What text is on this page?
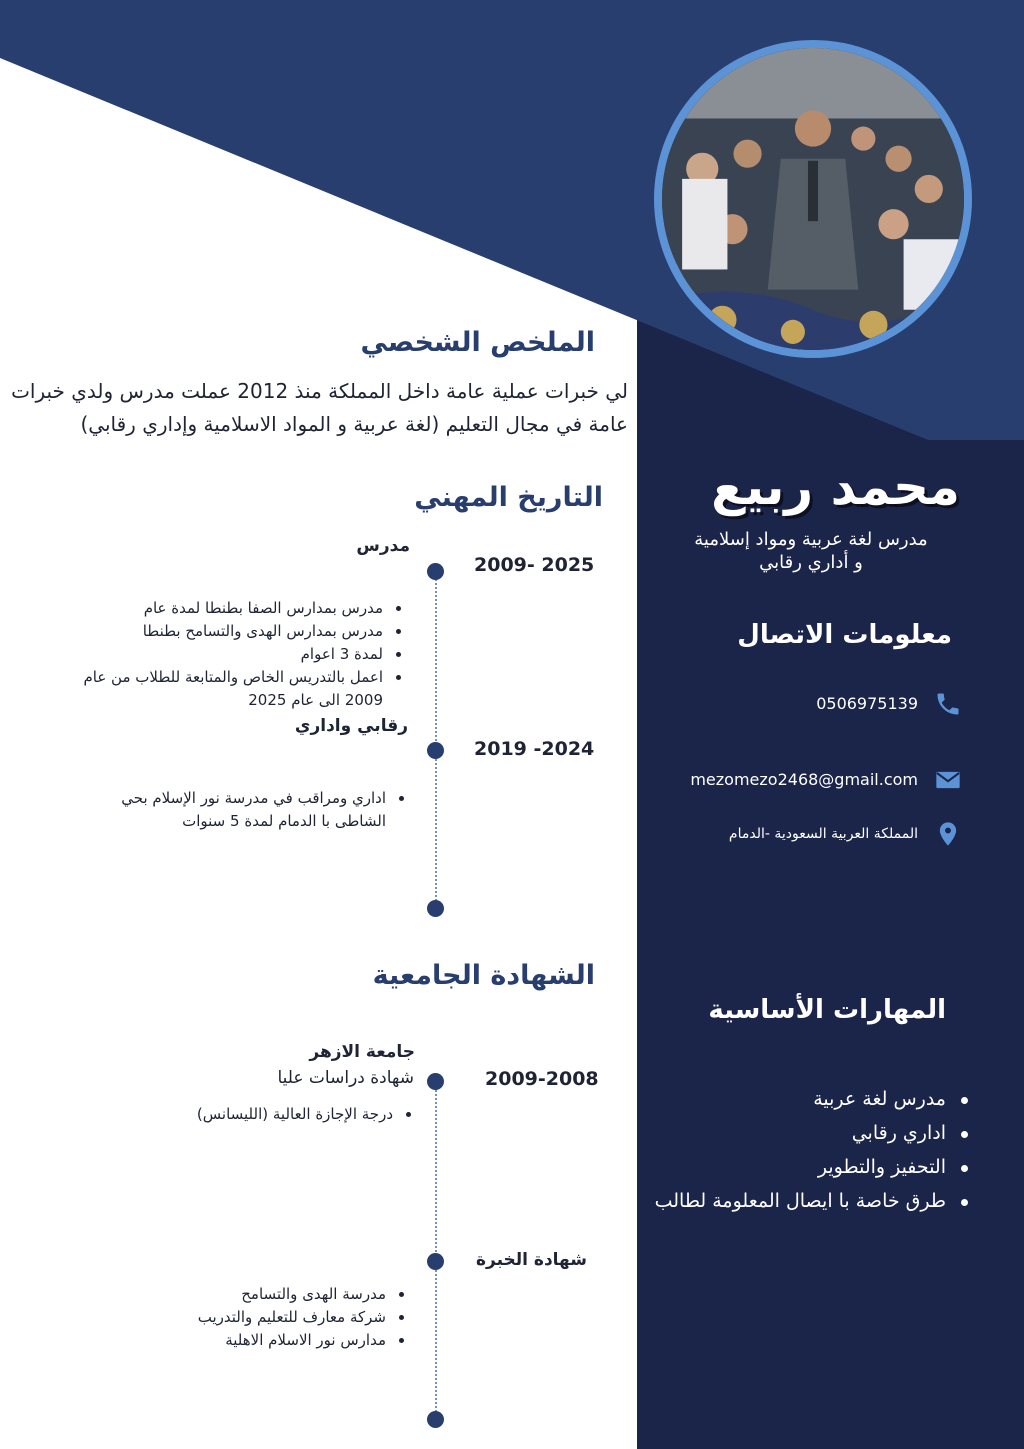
محمد ربيع
مدرس لغة عربية ومواد إسلامية
و أداري رقابي
معلومات الاتصال
0506975139
mezomezo2468@gmail.com
المملكة العربية السعودية -الدمام
المهارات الأساسية
مدرس لغة عربية
اداري رقابي
التحفيز والتطوير
طرق خاصة با ايصال المعلومة لطالب
الملخص الشخصي
لي خبرات عملية عامة داخل المملكة منذ 2012 عملت مدرس ولدي خبرات
عامة في مجال التعليم (لغة عربية و المواد الاسلامية وإداري رقابي)
التاريخ المهني
مدرس
2009- 2025
مدرس بمدارس الصفا بطنطا لمدة عام
مدرس بمدارس الهدى والتسامح بطنطا
لمدة 3 اعوام
اعمل بالتدريس الخاص والمتابعة للطلاب من عام
2009 الى عام 2025
رقابي واداري
2019 -2024
اداري ومراقب في مدرسة نور الإسلام بحي
الشاطى با الدمام لمدة 5 سنوات
الشهادة الجامعية
جامعة الازهر
شهادة دراسات عليا	2009-2008
درجة الإجازة العالية (الليسانس)
شهادة الخبرة
مدرسة الهدى والتسامح
شركة معارف للتعليم والتدريب
مدارس نور الاسلام الاهلية
